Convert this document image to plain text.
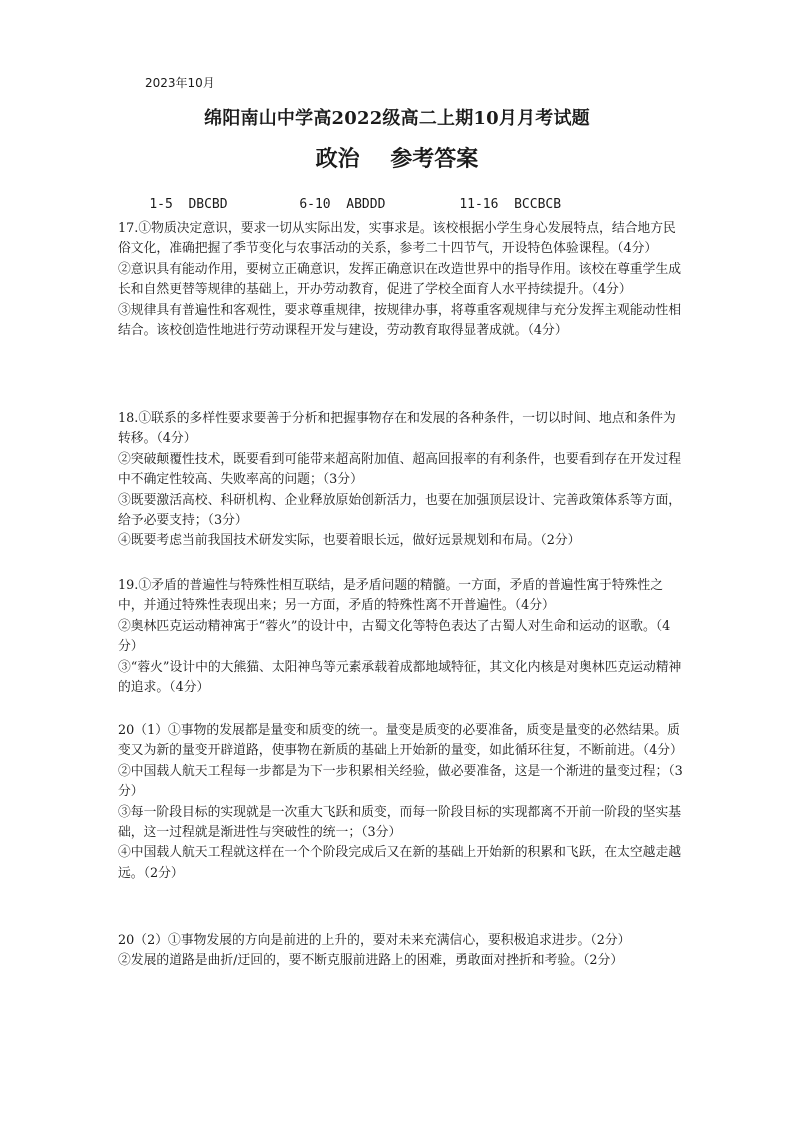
2023年10月
绵阳南山中学高2022级高二上期10月月考试题
政治    参考答案

1-5  DBCBD	6-10  ABDDD	11-16  BCCBCB

17.①物质决定意识，要求一切从实际出发，实事求是。该校根据小学生身心发展特点，结合地方民俗文化，准确把握了季节变化与农事活动的关系，参考二十四节气，开设特色体验课程。（4分）

②意识具有能动作用，要树立正确意识，发挥正确意识在改造世界中的指导作用。该校在尊重学生成长和自然更替等规律的基础上，开办劳动教育，促进了学校全面育人水平持续提升。（4分）

③规律具有普遍性和客观性，要求尊重规律，按规律办事，将尊重客观规律与充分发挥主观能动性相结合。该校创造性地进行劳动课程开发与建设，劳动教育取得显著成就。（4分）

18.①联系的多样性要求要善于分析和把握事物存在和发展的各种条件，一切以时间、地点和条件为转移。（4分）

②突破颠覆性技术，既要看到可能带来超高附加值、超高回报率的有利条件，也要看到存在开发过程中不确定性较高、失败率高的问题；（3分）

③既要激活高校、科研机构、企业释放原始创新活力，也要在加强顶层设计、完善政策体系等方面，给予必要支持；（3分）

④既要考虑当前我国技术研发实际，也要着眼长远，做好远景规划和布局。（2分）

19.①矛盾的普遍性与特殊性相互联结，是矛盾问题的精髓。一方面，矛盾的普遍性寓于特殊性之中，并通过特殊性表现出来；另一方面，矛盾的特殊性离不开普遍性。（4分）

②奥林匹克运动精神寓于“蓉火”的设计中，古蜀文化等特色表达了古蜀人对生命和运动的讴歌。（4分）

③“蓉火”设计中的大熊猫、太阳神鸟等元素承载着成都地域特征，其文化内核是对奥林匹克运动精神的追求。（4分）

20（1）①事物的发展都是量变和质变的统一。量变是质变的必要准备，质变是量变的必然结果。质变又为新的量变开辟道路，使事物在新质的基础上开始新的量变，如此循环往复，不断前进。（4分）

②中国载人航天工程每一步都是为下一步积累相关经验，做必要准备，这是一个渐进的量变过程；（3分）

③每一阶段目标的实现就是一次重大飞跃和质变，而每一阶段目标的实现都离不开前一阶段的坚实基础，这一过程就是渐进性与突破性的统一；（3分）

④中国载人航天工程就这样在一个个阶段完成后又在新的基础上开始新的积累和飞跃，在太空越走越远。（2分）

20（2）①事物发展的方向是前进的上升的，要对未来充满信心，要积极追求进步。（2分）

②发展的道路是曲折/迂回的，要不断克服前进路上的困难，勇敢面对挫折和考验。（2分）
